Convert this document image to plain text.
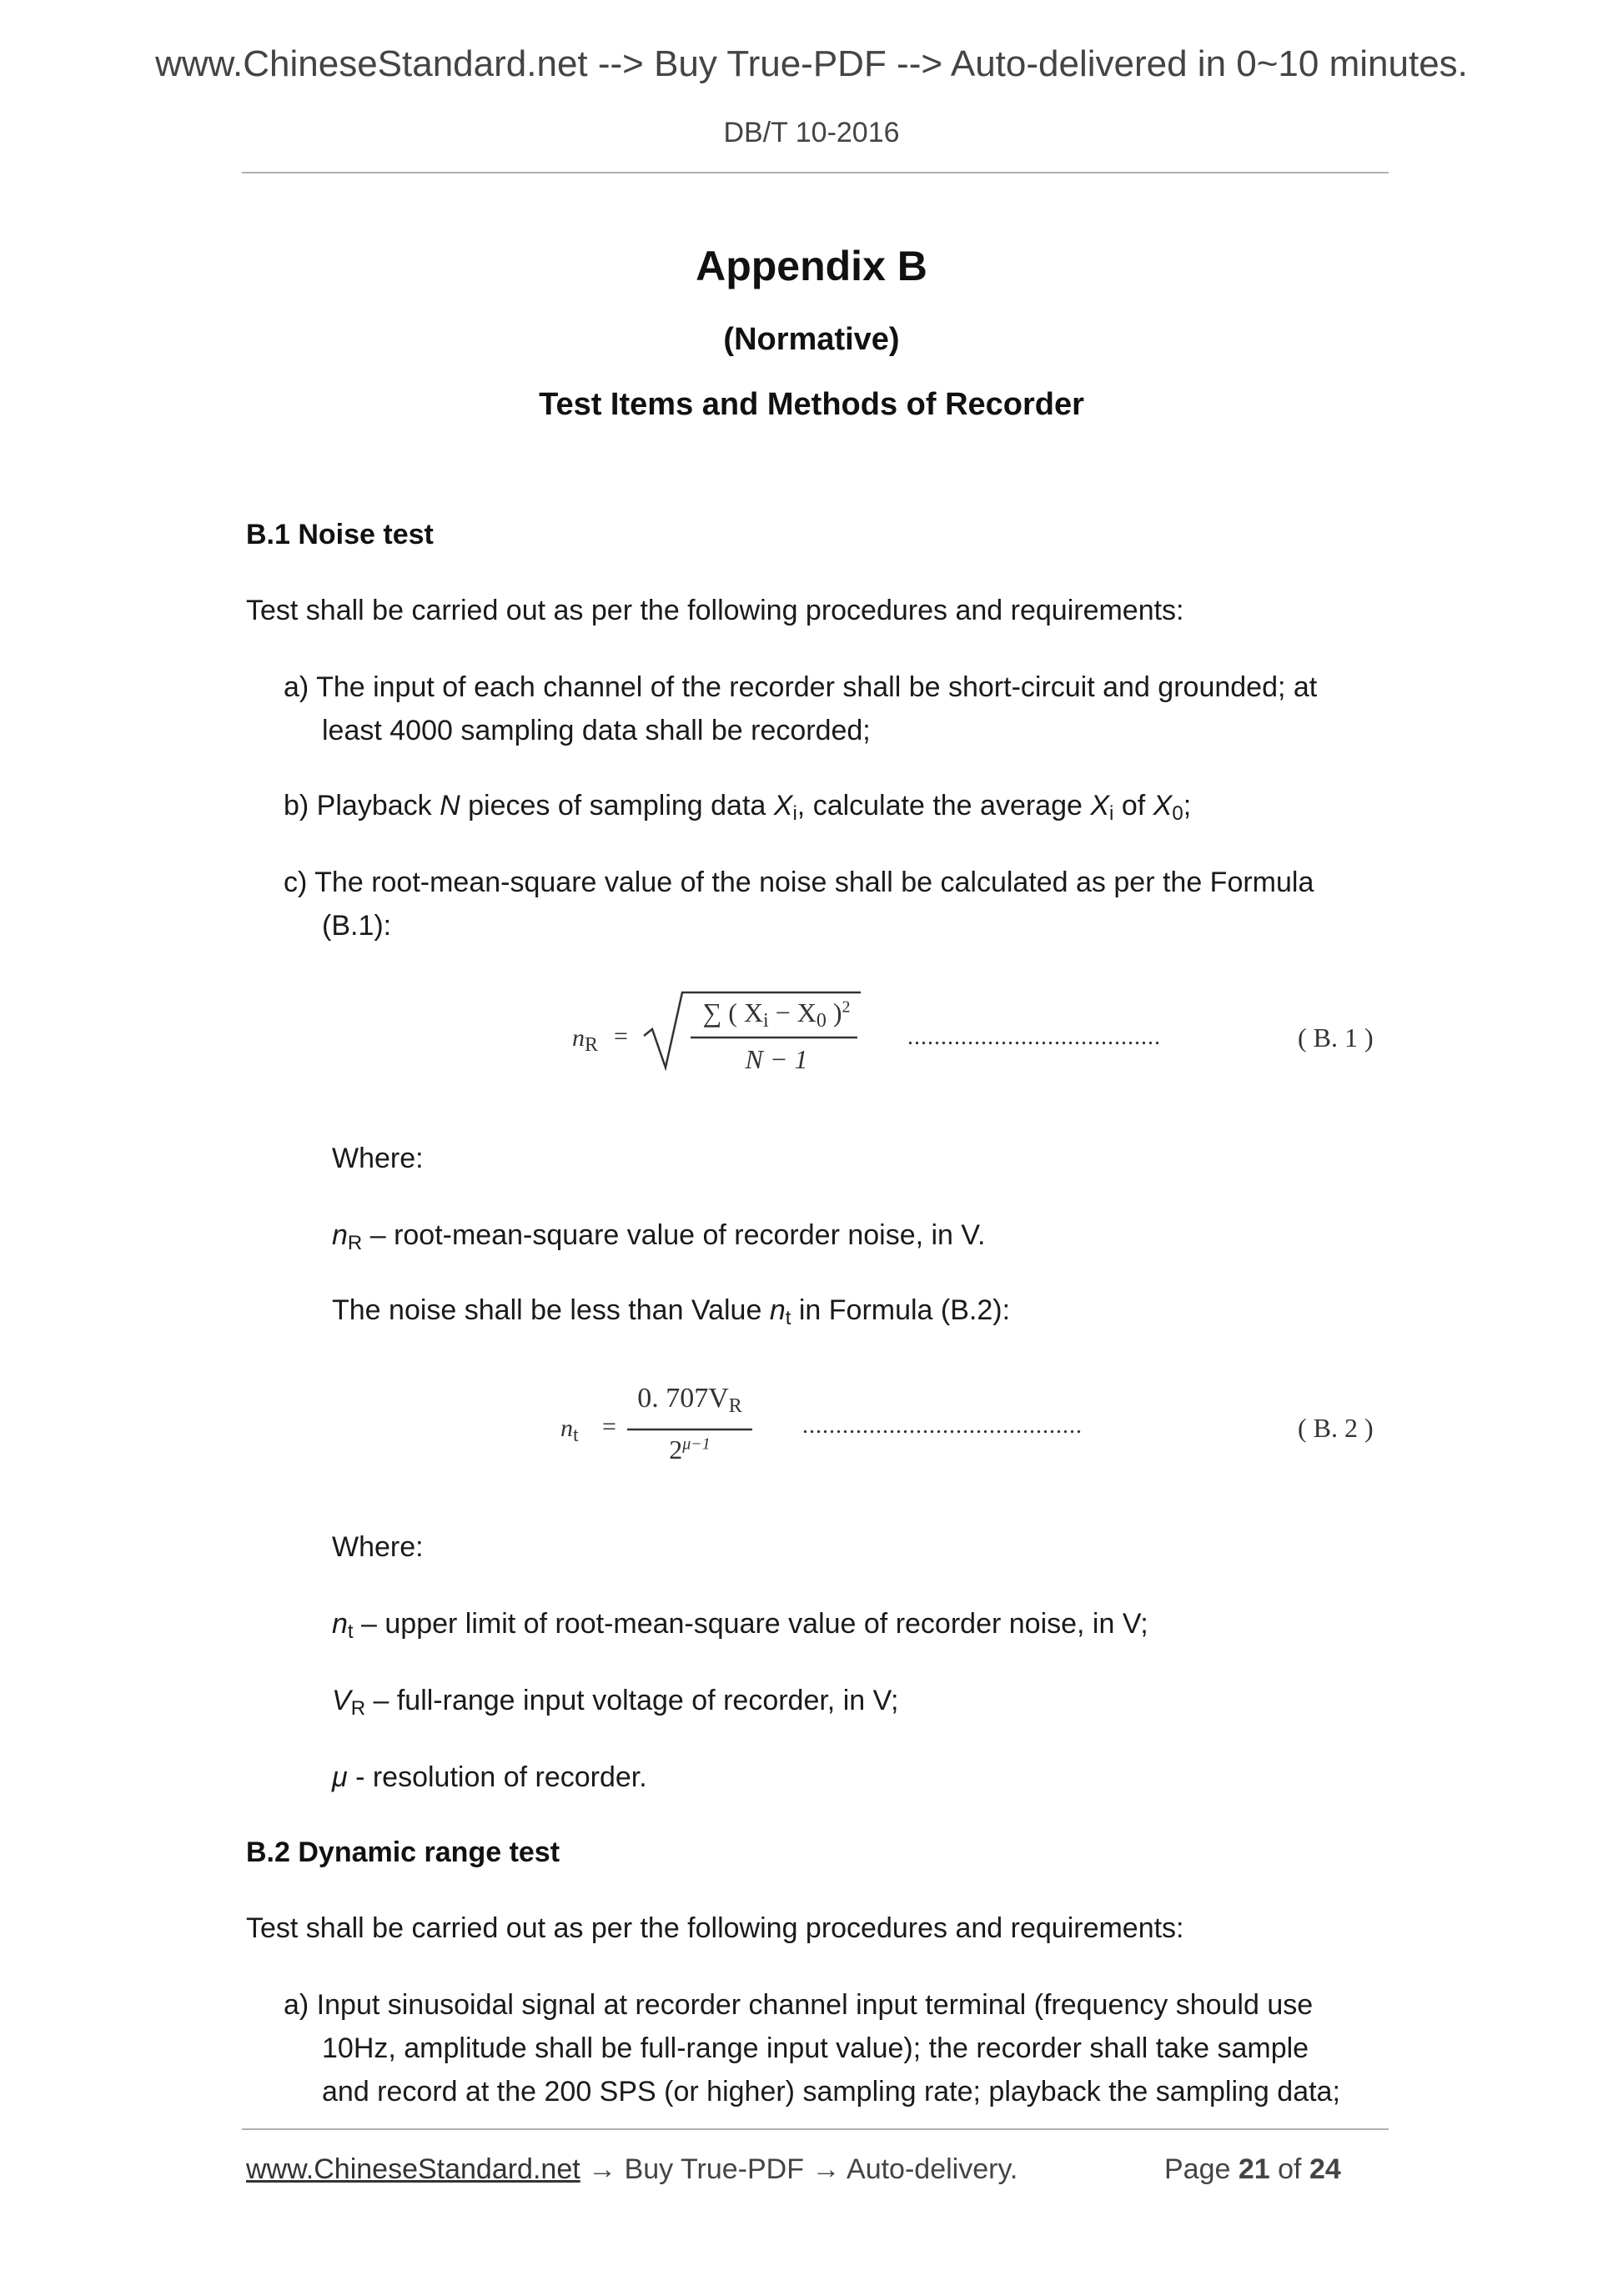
www.ChineseStandard.net --> Buy True-PDF --> Auto-delivered in 0~10 minutes.
DB/T 10-2016
Appendix B
(Normative)
Test Items and Methods of Recorder
B.1 Noise test
Test shall be carried out as per the following procedures and requirements:
a) The input of each channel of the recorder shall be short-circuit and grounded; at
least 4000 sampling data shall be recorded;
b) Playback N pieces of sampling data $X_i$, calculate the average $X_i$ of $X_0$;
c) The root-mean-square value of the noise shall be calculated as per the Formula
(B.1):
$n_R$ =
∑ ( $X_i - X_0$ )$^2$
N − 1
......................................	( B. 1 )
Where:
$n_R$ – root-mean-square value of recorder noise, in V.
The noise shall be less than Value $n_t$ in Formula (B.2):
$n_t$ =
0. $707V_R$
$2^{\mu-1}$
..........................................	( B. 2 )
Where:
$n_t$ – upper limit of root-mean-square value of recorder noise, in V;
$V_R$ – full-range input voltage of recorder, in V;
μ - resolution of recorder.
B.2 Dynamic range test
Test shall be carried out as per the following procedures and requirements:
a) Input sinusoidal signal at recorder channel input terminal (frequency should use
10Hz, amplitude shall be full-range input value); the recorder shall take sample
and record at the 200 SPS (or higher) sampling rate; playback the sampling data;
www.ChineseStandard.net → Buy True-PDF → Auto-delivery.	Page 21 of 24
